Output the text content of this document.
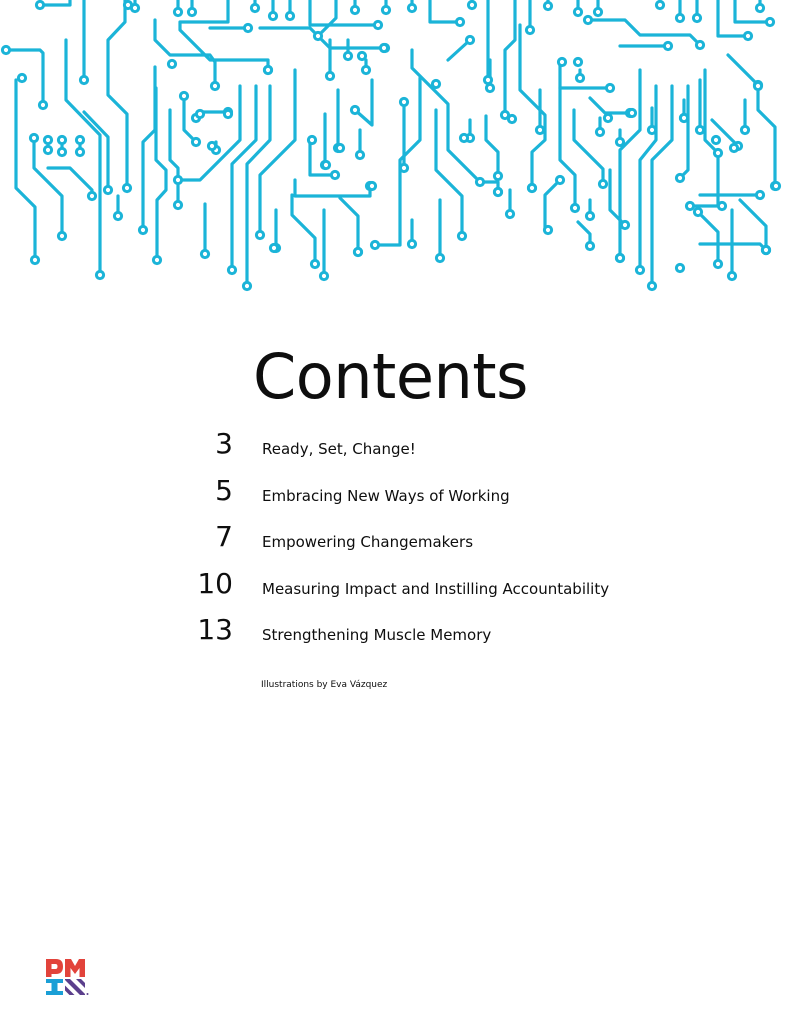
Contents
3 Ready, Set, Change!
5 Embracing New Ways of Working
7 Empowering Changemakers
10 Measuring Impact and Instilling Accountability
13 Strengthening Muscle Memory

Illustrations by Eva Vázquez
